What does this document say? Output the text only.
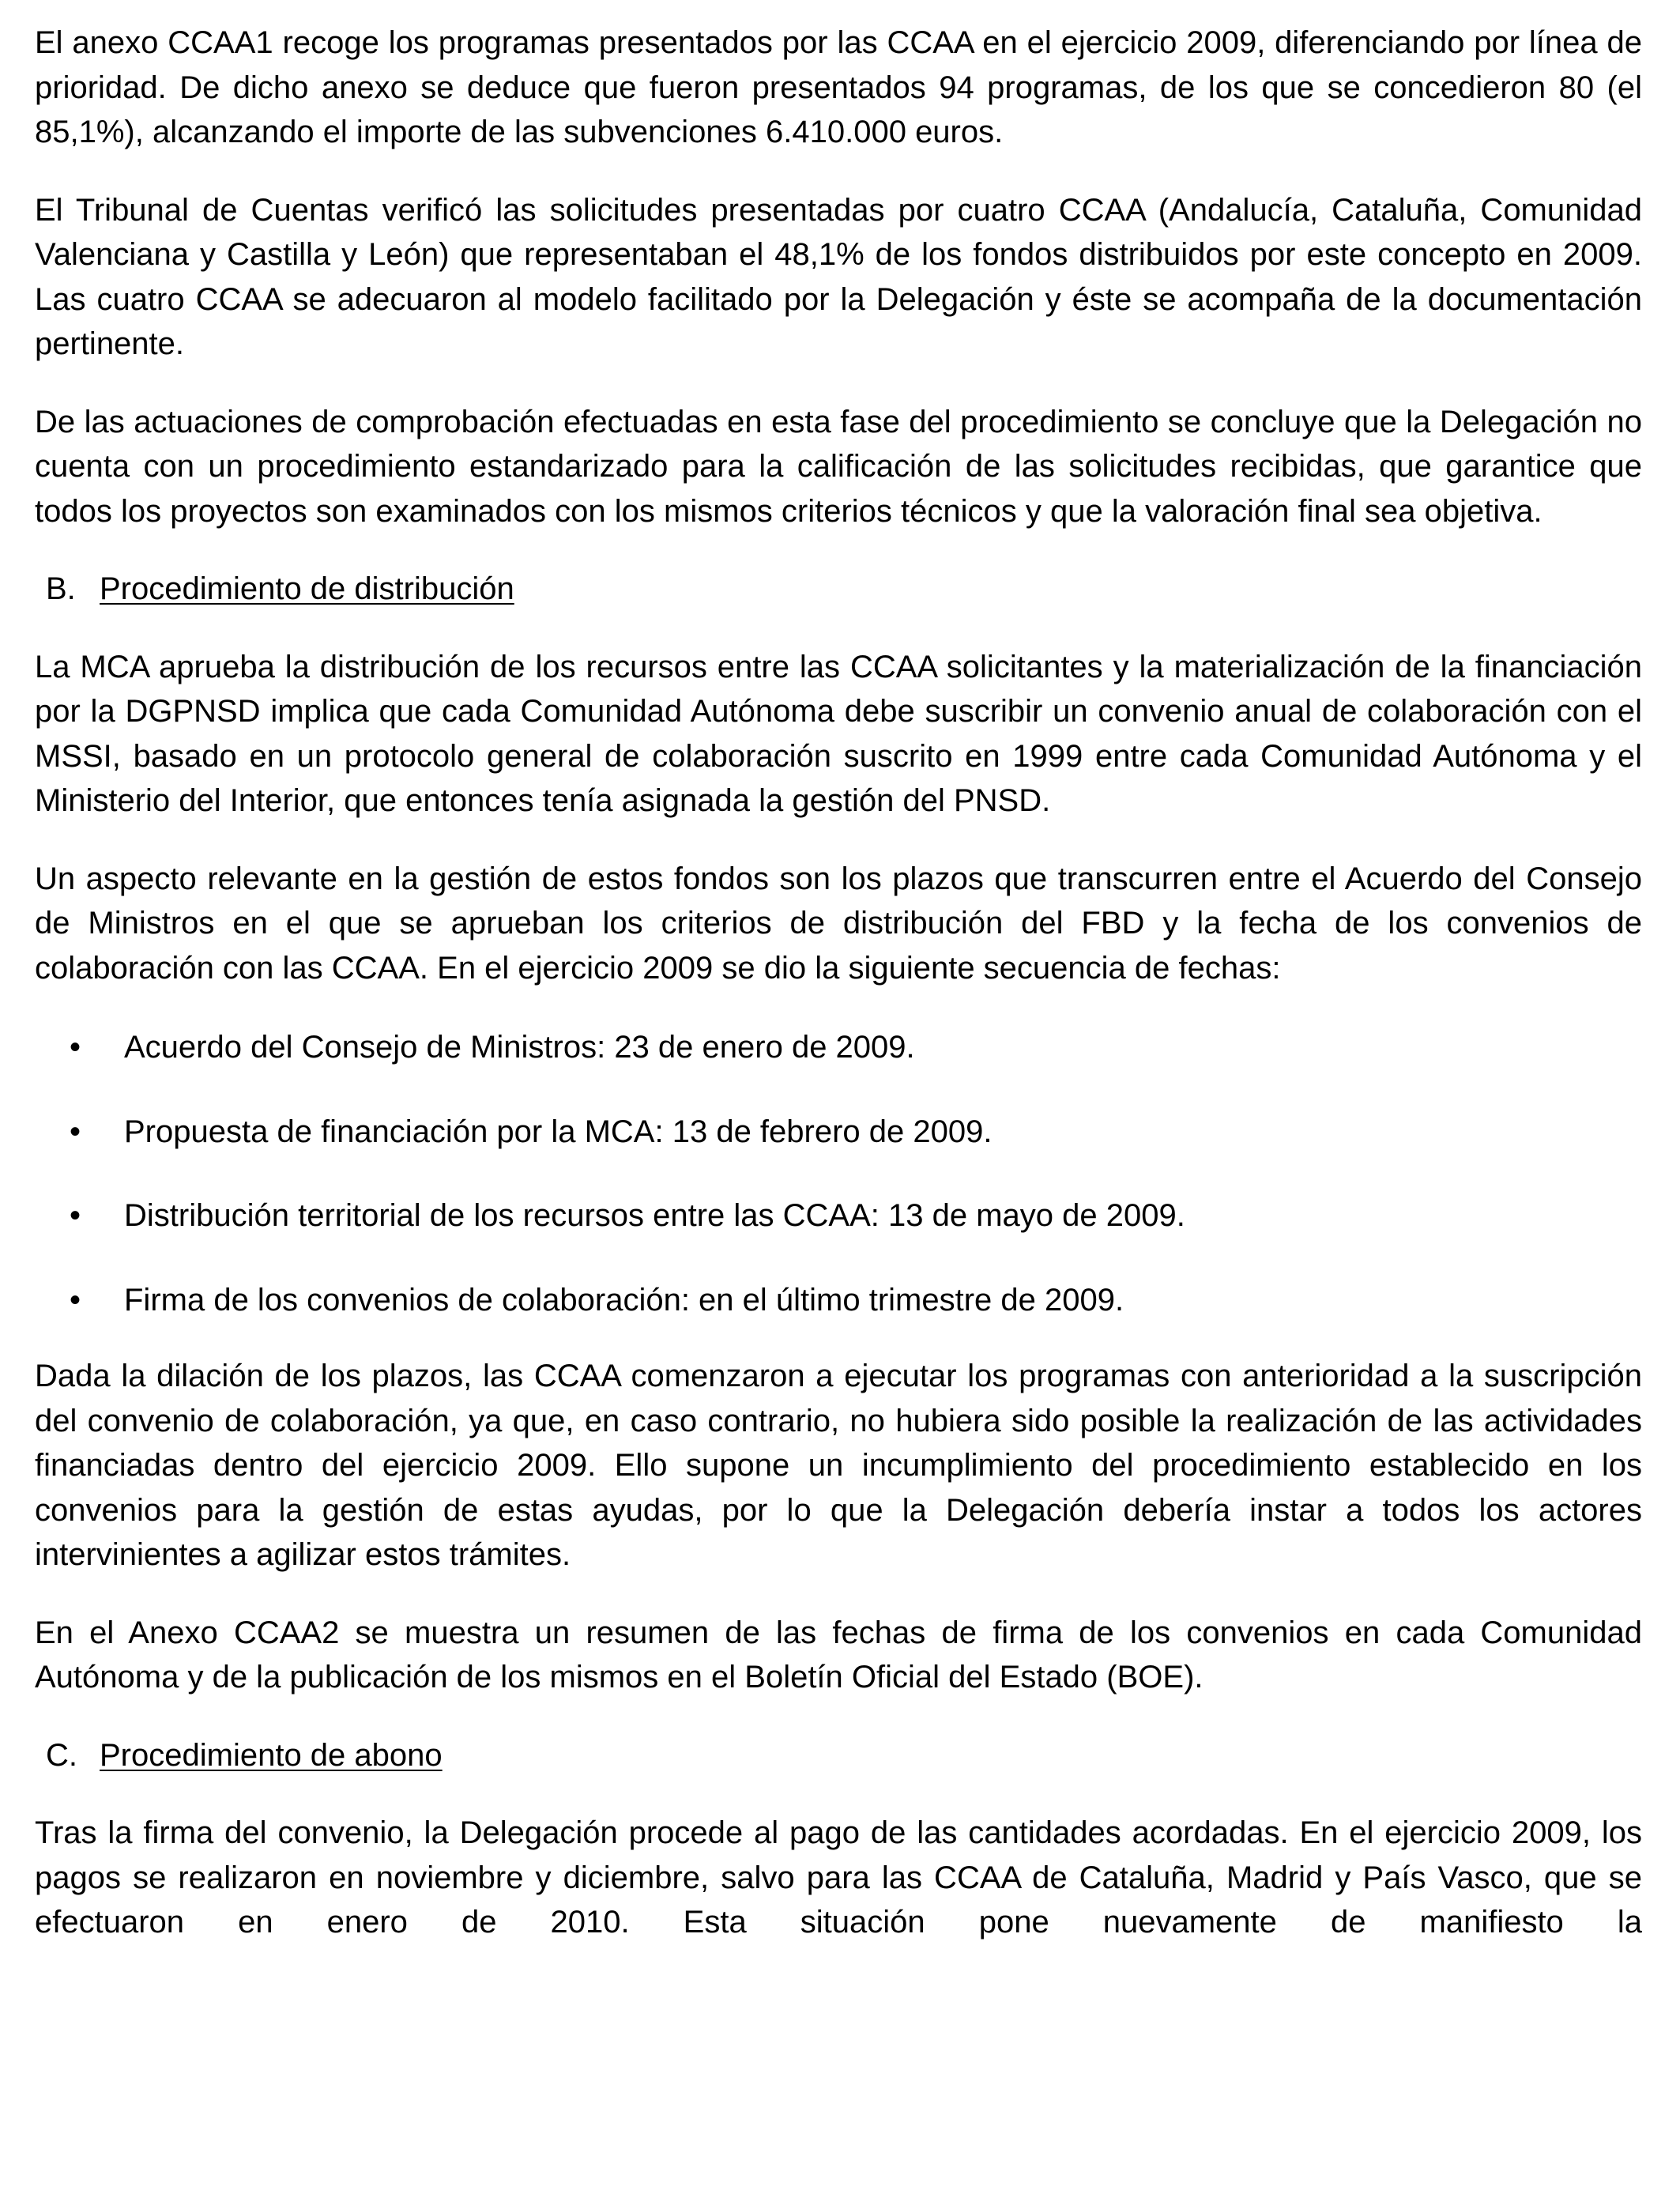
El anexo CCAA1 recoge los programas presentados por las CCAA en el ejercicio 2009, diferenciando por línea de prioridad. De dicho anexo se deduce que fueron presentados 94 programas, de los que se concedieron 80 (el 85,1%), alcanzando el importe de las subvenciones 6.410.000 euros.

El Tribunal de Cuentas verificó las solicitudes presentadas por cuatro CCAA (Andalucía, Cataluña, Comunidad Valenciana y Castilla y León) que representaban el 48,1% de los fondos distribuidos por este concepto en 2009. Las cuatro CCAA se adecuaron al modelo facilitado por la Delegación y éste se acompaña de la documentación pertinente.

De las actuaciones de comprobación efectuadas en esta fase del procedimiento se concluye que la Delegación no cuenta con un procedimiento estandarizado para la calificación de las solicitudes recibidas, que garantice que todos los proyectos son examinados con los mismos criterios técnicos y que la valoración final sea objetiva.

B. Procedimiento de distribución

La MCA aprueba la distribución de los recursos entre las CCAA solicitantes y la materialización de la financiación por la DGPNSD implica que cada Comunidad Autónoma debe suscribir un convenio anual de colaboración con el MSSI, basado en un protocolo general de colaboración suscrito en 1999 entre cada Comunidad Autónoma y el Ministerio del Interior, que entonces tenía asignada la gestión del PNSD.

Un aspecto relevante en la gestión de estos fondos son los plazos que transcurren entre el Acuerdo del Consejo de Ministros en el que se aprueban los criterios de distribución del FBD y la fecha de los convenios de colaboración con las CCAA. En el ejercicio 2009 se dio la siguiente secuencia de fechas:

• Acuerdo del Consejo de Ministros: 23 de enero de 2009.
• Propuesta de financiación por la MCA: 13 de febrero de 2009.
• Distribución territorial de los recursos entre las CCAA: 13 de mayo de 2009.
• Firma de los convenios de colaboración: en el último trimestre de 2009.

Dada la dilación de los plazos, las CCAA comenzaron a ejecutar los programas con anterioridad a la suscripción del convenio de colaboración, ya que, en caso contrario, no hubiera sido posible la realización de las actividades financiadas dentro del ejercicio 2009. Ello supone un incumplimiento del procedimiento establecido en los convenios para la gestión de estas ayudas, por lo que la Delegación debería instar a todos los actores intervinientes a agilizar estos trámites.

En el Anexo CCAA2 se muestra un resumen de las fechas de firma de los convenios en cada Comunidad Autónoma y de la publicación de los mismos en el Boletín Oficial del Estado (BOE).

C. Procedimiento de abono

Tras la firma del convenio, la Delegación procede al pago de las cantidades acordadas. En el ejercicio 2009, los pagos se realizaron en noviembre y diciembre, salvo para las CCAA de Cataluña, Madrid y País Vasco, que se efectuaron en enero de 2010. Esta situación pone nuevamente de manifiesto la
